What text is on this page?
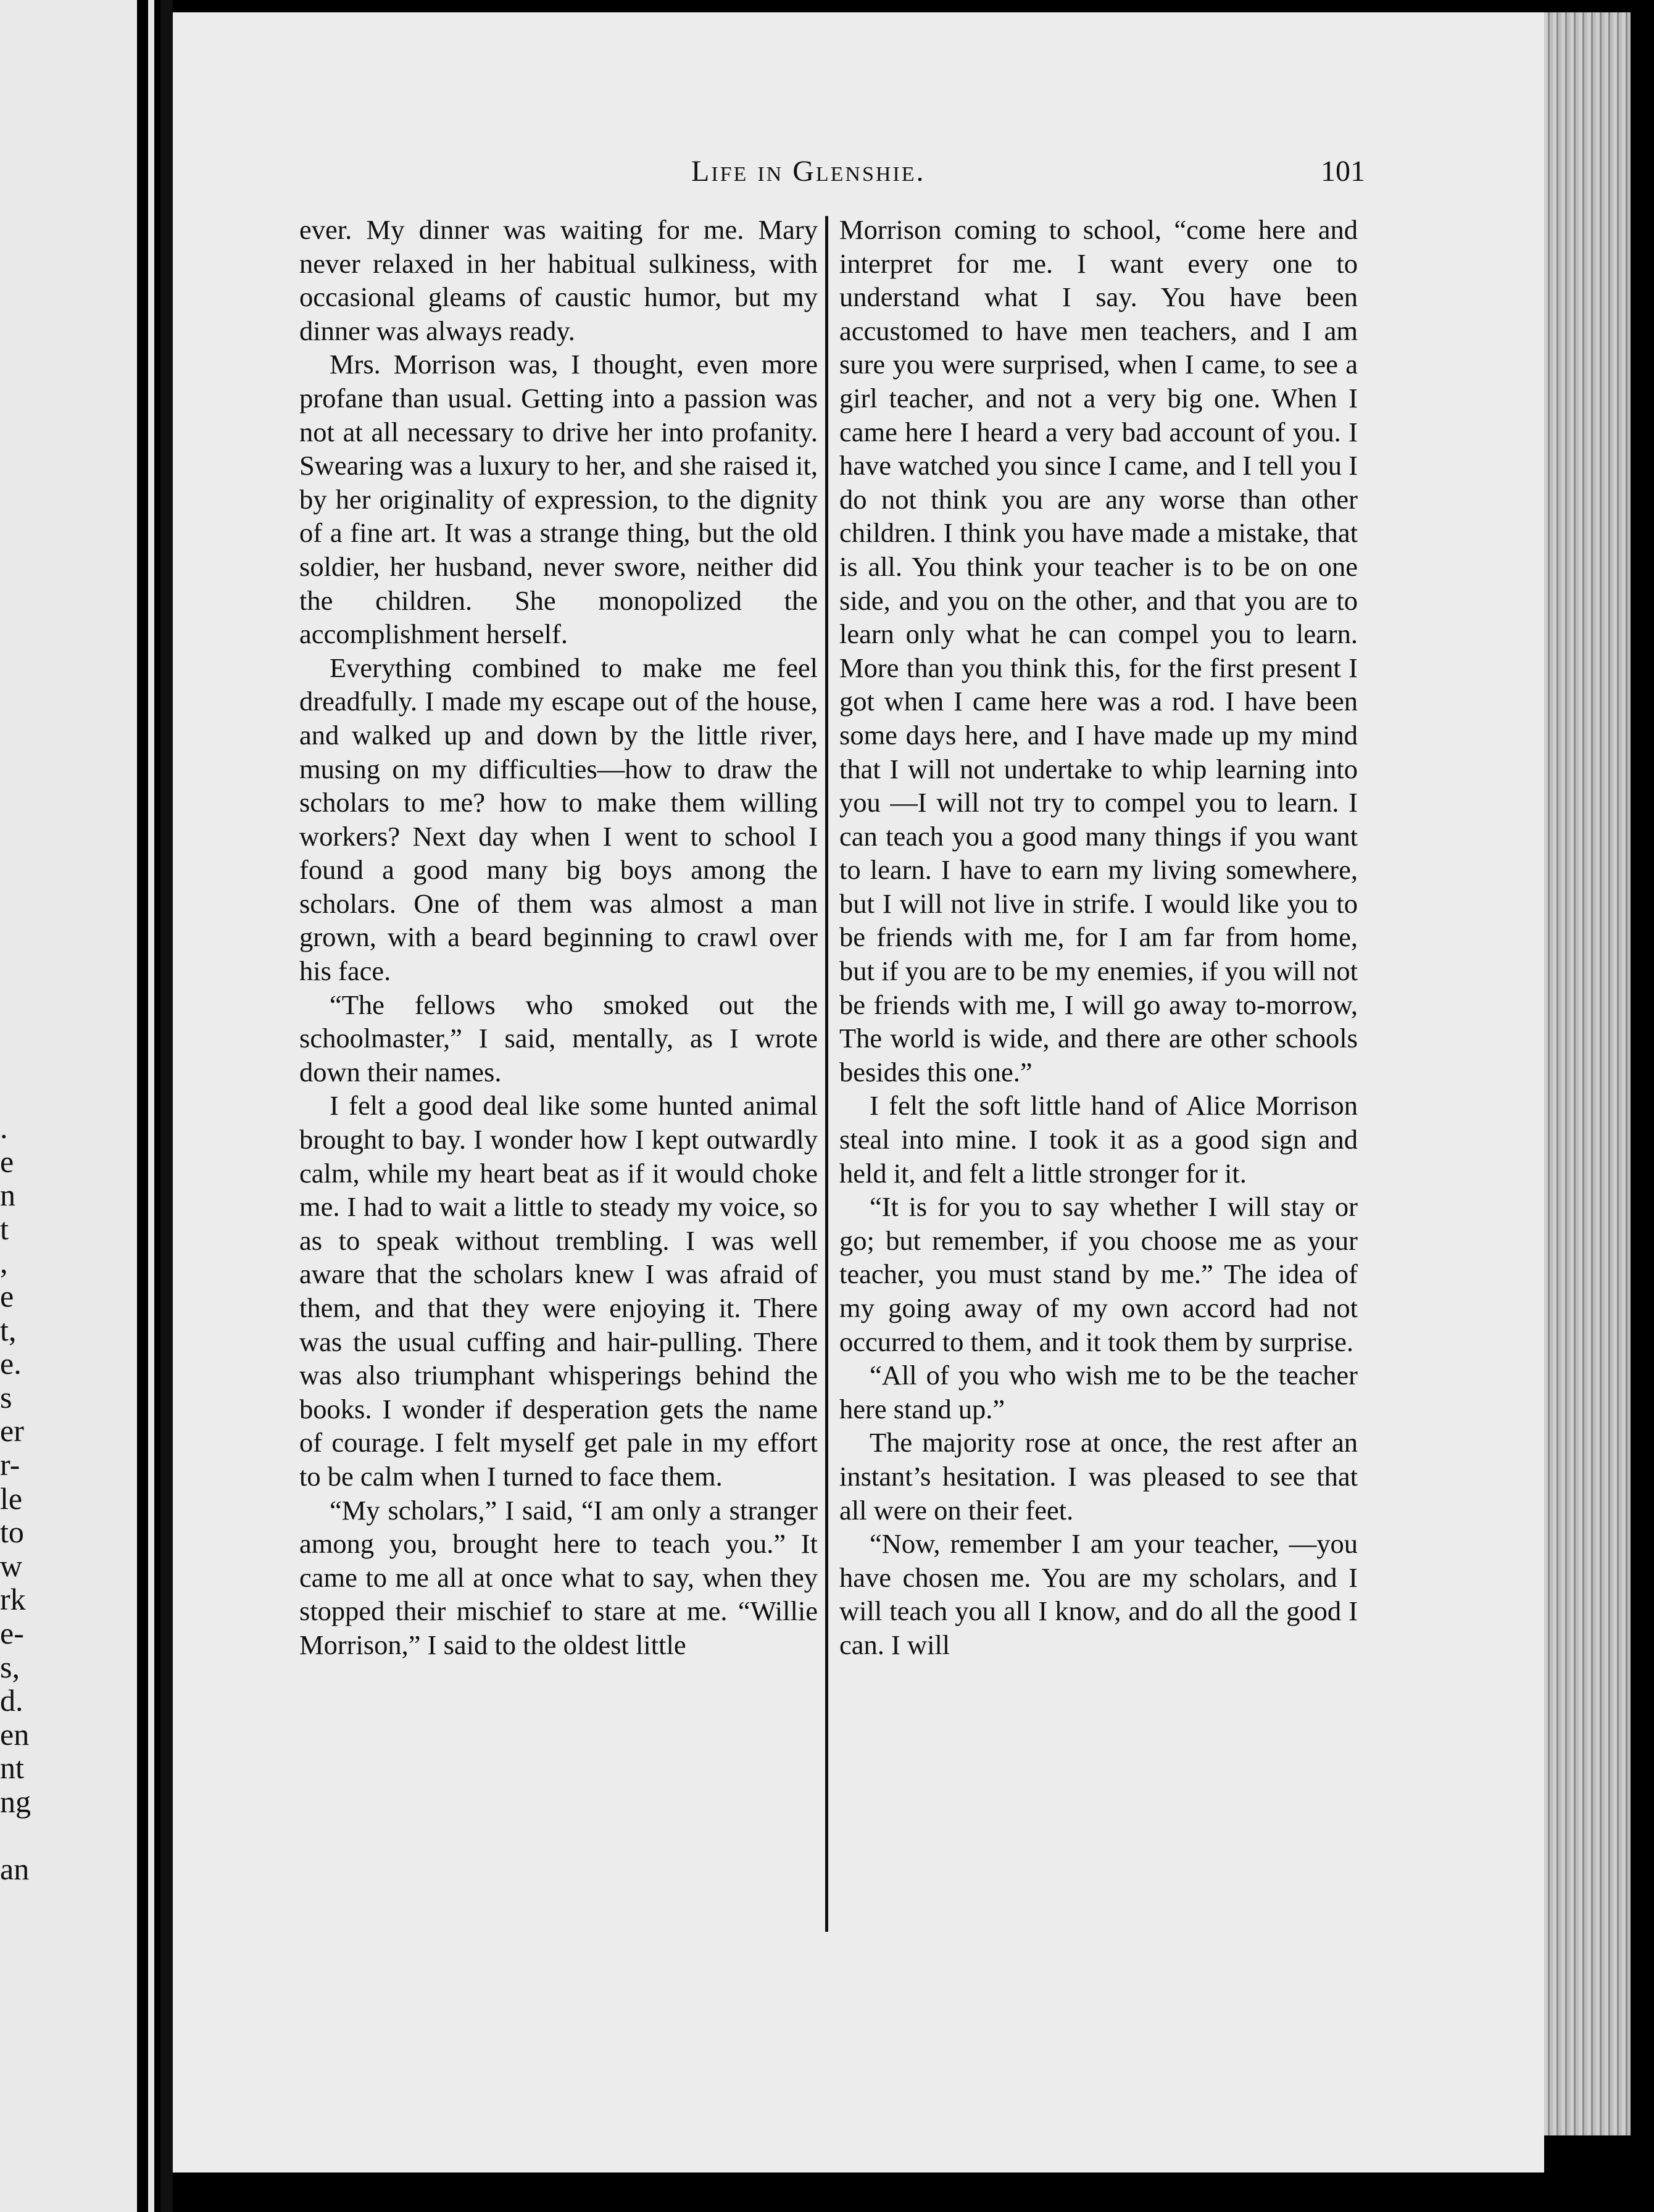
.
e
n
t
,
e
t,
e.
s
er
r-
le
to
w
rk
e-
s,
d.
en
nt
ng

an
Life in Glenshie.	101

ever. My dinner was waiting for me. Mary never relaxed in her habitual sulkiness, with occasional gleams of caustic humor, but my dinner was always ready.

Mrs. Morrison was, I thought, even more profane than usual. Getting into a passion was not at all necessary to drive her into profanity. Swearing was a luxury to her, and she raised it, by her originality of expression, to the dignity of a fine art. It was a strange thing, but the old soldier, her husband, never swore, neither did the children. She monopolized the accomplishment herself.

Everything combined to make me feel dreadfully. I made my escape out of the house, and walked up and down by the little river, musing on my difficulties—how to draw the scholars to me? how to make them willing workers? Next day when I went to school I found a good many big boys among the scholars. One of them was almost a man grown, with a beard beginning to crawl over his face.

“The fellows who smoked out the schoolmaster,” I said, mentally, as I wrote down their names.

I felt a good deal like some hunted animal brought to bay. I wonder how I kept outwardly calm, while my heart beat as if it would choke me. I had to wait a little to steady my voice, so as to speak without trembling. I was well aware that the scholars knew I was afraid of them, and that they were enjoying it. There was the usual cuffing and hair-pulling. There was also triumphant whisperings behind the books. I wonder if desperation gets the name of courage. I felt myself get pale in my effort to be calm when I turned to face them.

“My scholars,” I said, “I am only a stranger among you, brought here to teach you.” It came to me all at once what to say, when they stopped their mischief to stare at me. “Willie Morrison,” I said to the oldest little

Morrison coming to school, “come here and interpret for me. I want every one to understand what I say. You have been accustomed to have men teachers, and I am sure you were surprised, when I came, to see a girl teacher, and not a very big one. When I came here I heard a very bad account of you. I have watched you since I came, and I tell you I do not think you are any worse than other children. I think you have made a mistake, that is all. You think your teacher is to be on one side, and you on the other, and that you are to learn only what he can compel you to learn. More than you think this, for the first present I got when I came here was a rod. I have been some days here, and I have made up my mind that I will not undertake to whip learning into you —I will not try to compel you to learn. I can teach you a good many things if you want to learn. I have to earn my living somewhere, but I will not live in strife. I would like you to be friends with me, for I am far from home, but if you are to be my enemies, if you will not be friends with me, I will go away to-morrow, The world is wide, and there are other schools besides this one.”

I felt the soft little hand of Alice Morrison steal into mine. I took it as a good sign and held it, and felt a little stronger for it.

“It is for you to say whether I will stay or go; but remember, if you choose me as your teacher, you must stand by me.” The idea of my going away of my own accord had not occurred to them, and it took them by surprise.

“All of you who wish me to be the teacher here stand up.”

The majority rose at once, the rest after an instant’s hesitation. I was pleased to see that all were on their feet.

“Now, remember I am your teacher, —you have chosen me. You are my scholars, and I will teach you all I know, and do all the good I can. I will
